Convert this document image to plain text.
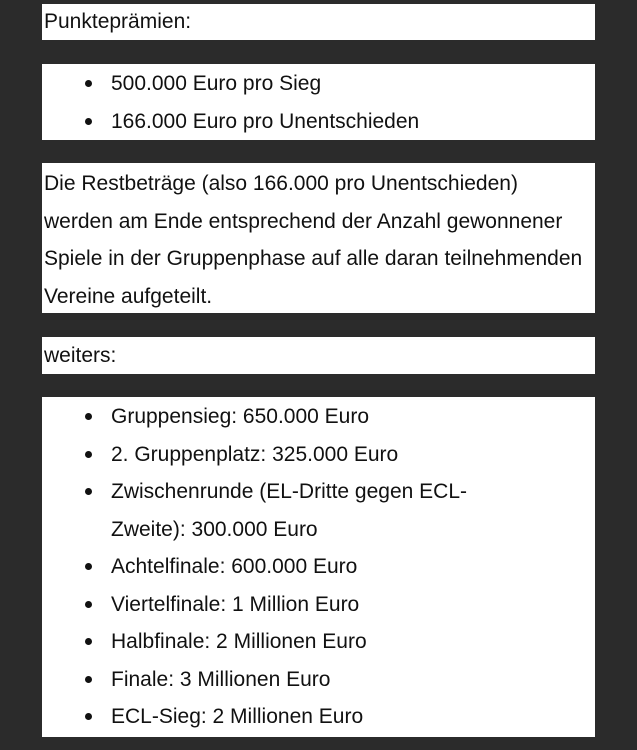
Punkteprämien:
500.000 Euro pro Sieg
166.000 Euro pro Unentschieden

Die Restbeträge (also 166.000 pro Unentschieden) werden am Ende entsprechend der Anzahl gewonnener Spiele in der Gruppenphase auf alle daran teilnehmenden Vereine aufgeteilt.

weiters:
Gruppensieg: 650.000 Euro
2. Gruppenplatz: 325.000 Euro
Zwischenrunde (EL-Dritte gegen ECL-Zweite): 300.000 Euro
Achtelfinale: 600.000 Euro
Viertelfinale: 1 Million Euro
Halbfinale: 2 Millionen Euro
Finale: 3 Millionen Euro
ECL-Sieg: 2 Millionen Euro
